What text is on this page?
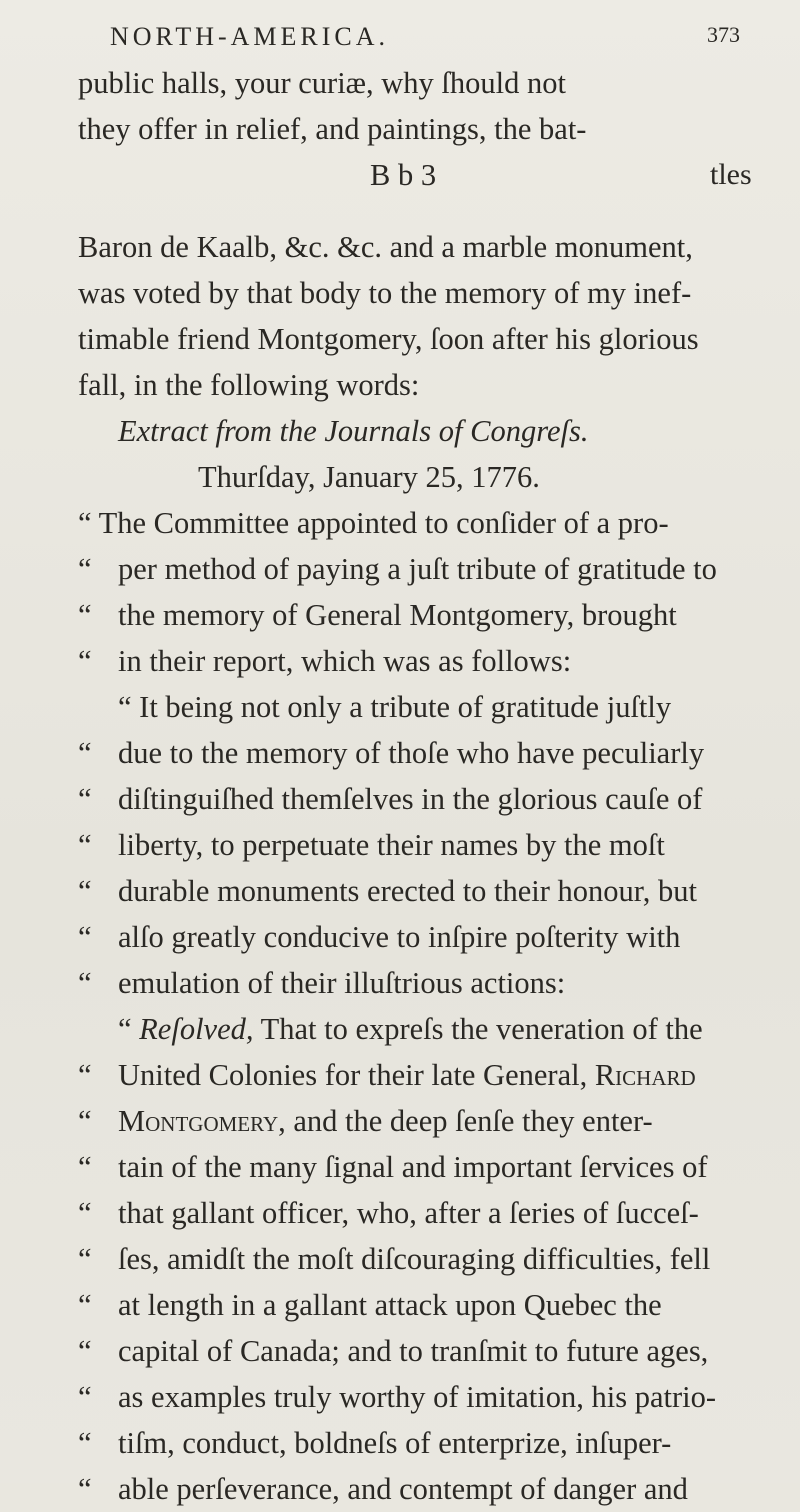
NORTH-AMERICA.	373
public halls, your curiæ, why ſhould not
they offer in relief, and paintings, the bat-
B b 3	tles
Baron de Kaalb, &c. &c. and a marble monument,
was voted by that body to the memory of my inef-
timable friend Montgomery, ſoon after his glorious
fall, in the following words:
Extract from the Journals of Congreſs.
Thurſday, January 25, 1776.
“ The Committee appointed to conſider of a pro-
“ per method of paying a juſt tribute of gratitude to
“ the memory of General Montgomery, brought
“ in their report, which was as follows:
“ It being not only a tribute of gratitude juſtly
“ due to the memory of thoſe who have peculiarly
“ diſtinguiſhed themſelves in the glorious cauſe of
“ liberty, to perpetuate their names by the moſt
“ durable monuments erected to their honour, but
“ alſo greatly conducive to inſpire poſterity with
“ emulation of their illuſtrious actions:
“ Reſolved, That to expreſs the veneration of the
“ United Colonies for their late General, Richard
“ Montgomery, and the deep ſenſe they enter-
“ tain of the many ſignal and important ſervices of
“ that gallant officer, who, after a ſeries of ſucceſ-
“ ſes, amidſt the moſt diſcouraging difficulties, fell
“ at length in a gallant attack upon Quebec the
“ capital of Canada; and to tranſmit to future ages,
“ as examples truly worthy of imitation, his patrio-
“ tiſm, conduct, boldneſs of enterprize, inſuper-
“ able perſeverance, and contempt of danger and
